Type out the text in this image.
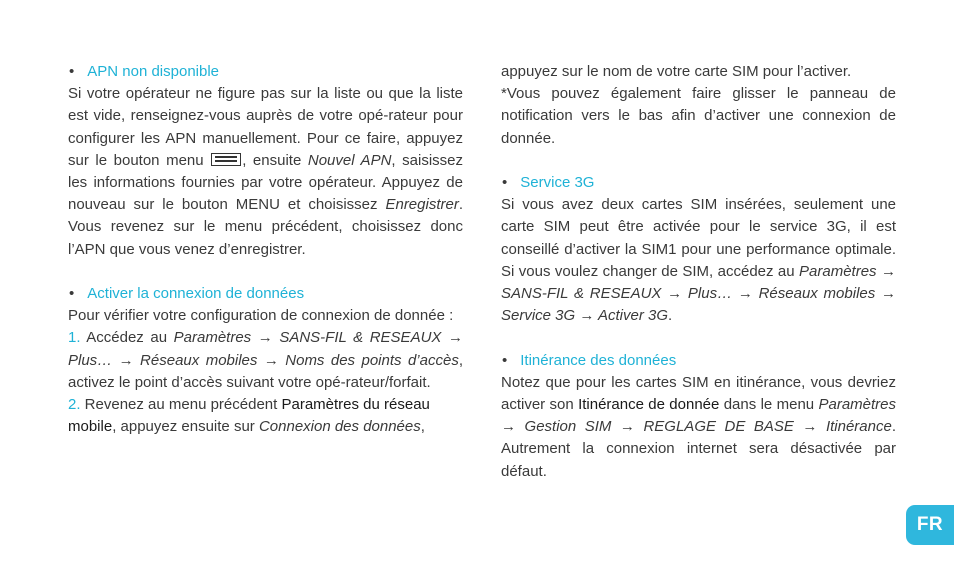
• APN non disponible

Si votre opérateur ne figure pas sur la liste ou que la liste est vide, renseignez-vous auprès de votre opé-rateur pour configurer les APN manuellement. Pour ce faire, appuyez sur le bouton menu , ensuite Nouvel APN, saisissez les informations fournies par votre opérateur. Appuyez de nouveau sur le bouton MENU et choisissez Enregistrer. Vous revenez sur le menu précédent, choisissez donc l’APN que vous venez d’enregistrer.

• Activer la connexion de données

Pour vérifier votre configuration de connexion de donnée :

1. Accédez au Paramètres → SANS-FIL & RESEAUX → Plus… → Réseaux mobiles → Noms des points d’accès, activez le point d’accès suivant votre opé-rateur/forfait.

2. Revenez au menu précédent Paramètres du réseau mobile, appuyez ensuite sur Connexion des données,

appuyez sur le nom de votre carte SIM pour l’activer.

*Vous pouvez également faire glisser le panneau de notification vers le bas afin d’activer une connexion de donnée.

• Service 3G

Si vous avez deux cartes SIM insérées, seulement une carte SIM peut être activée pour le service 3G, il est conseillé d’activer la SIM1 pour une performance optimale. Si vous voulez changer de SIM, accédez au Paramètres → SANS-FIL & RESEAUX → Plus… → Réseaux mobiles → Service 3G → Activer 3G.

• Itinérance des données

Notez que pour les cartes SIM en itinérance, vous devriez activer son Itinérance de donnée dans le menu Paramètres → Gestion SIM → REGLAGE DE BASE → Itinérance. Autrement la connexion internet sera désactivée par défaut.

FR
